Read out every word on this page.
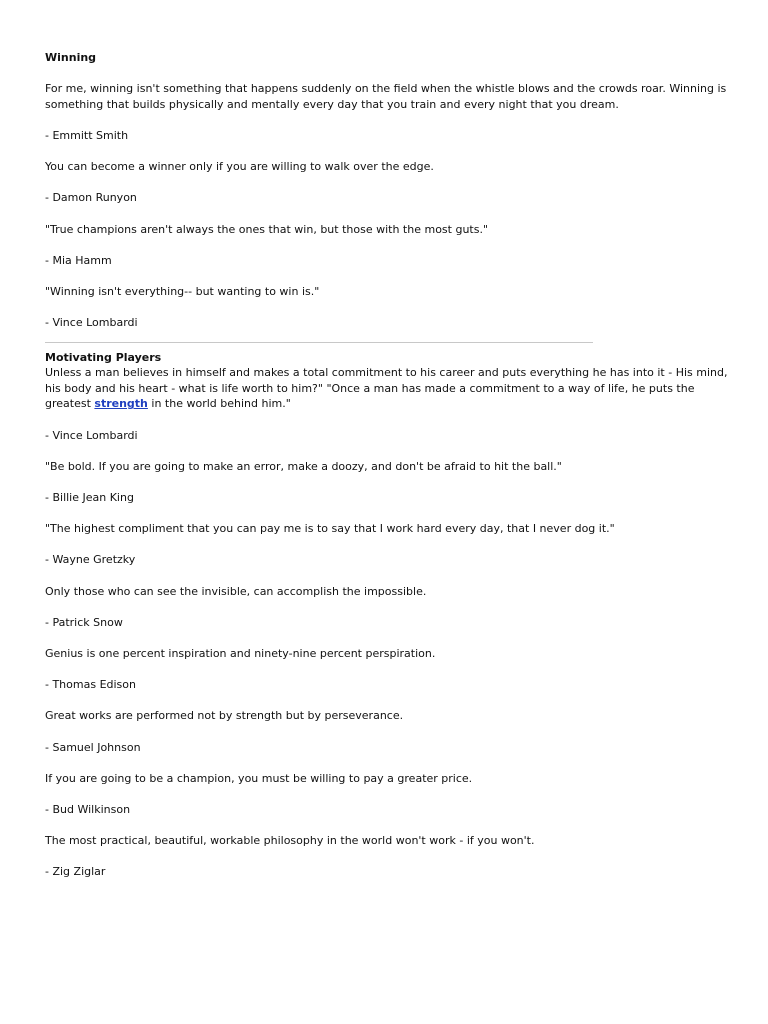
Winning

For me, winning isn't something that happens suddenly on the field when the whistle blows and the crowds roar. Winning is something that builds physically and mentally every day that you train and every night that you dream.

- Emmitt Smith

You can become a winner only if you are willing to walk over the edge.

- Damon Runyon

"True champions aren't always the ones that win, but those with the most guts."

- Mia Hamm

"Winning isn't everything-- but wanting to win is."

- Vince Lombardi

Motivating Players

Unless a man believes in himself and makes a total commitment to his career and puts everything he has into it - His mind, his body and his heart - what is life worth to him?" "Once a man has made a commitment to a way of life, he puts the greatest strength in the world behind him."

- Vince Lombardi

"Be bold. If you are going to make an error, make a doozy, and don't be afraid to hit the ball."

- Billie Jean King

"The highest compliment that you can pay me is to say that I work hard every day, that I never dog it."

- Wayne Gretzky

Only those who can see the invisible, can accomplish the impossible.

- Patrick Snow

Genius is one percent inspiration and ninety-nine percent perspiration.

- Thomas Edison

Great works are performed not by strength but by perseverance.

- Samuel Johnson

If you are going to be a champion, you must be willing to pay a greater price.

- Bud Wilkinson

The most practical, beautiful, workable philosophy in the world won't work - if you won't.

- Zig Ziglar
